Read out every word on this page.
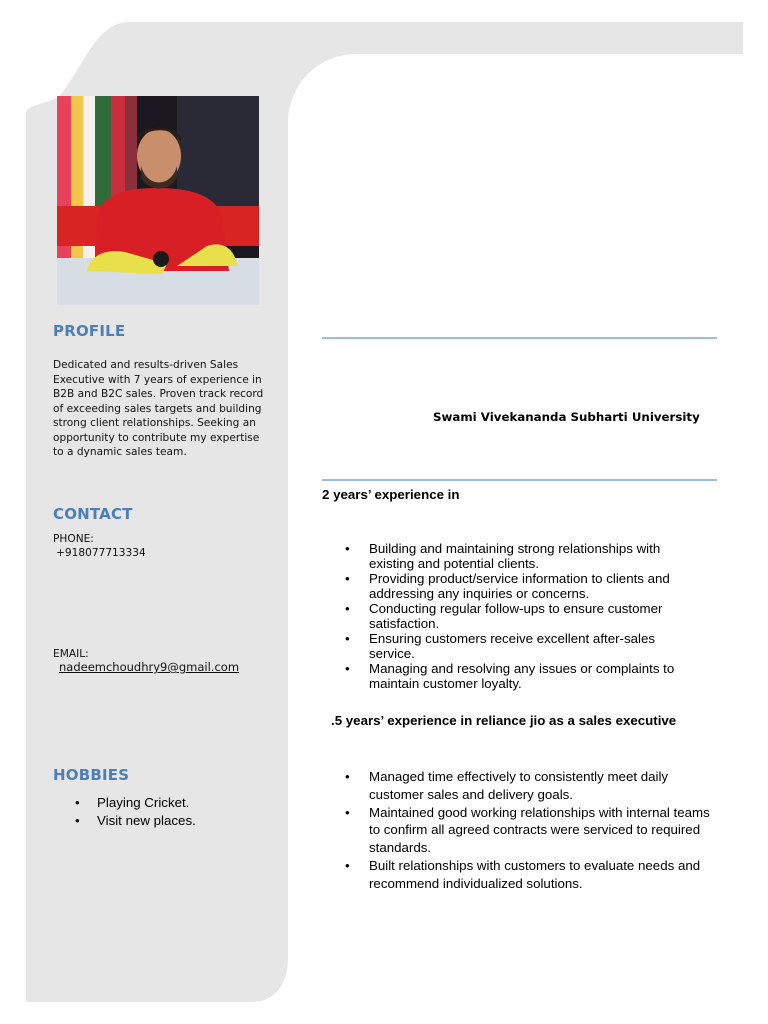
PROFILE
Dedicated and results-driven Sales Executive with 7 years of experience in B2B and B2C sales. Proven track record of exceeding sales targets and building strong client relationships. Seeking an opportunity to contribute my expertise to a dynamic sales team.
CONTACT
PHONE:
+918077713334
EMAIL:
nadeemchoudhry9@gmail.com
HOBBIES
• Playing Cricket.
• Visit new places.
Swami Vivekananda Subharti University
2 years’ experience in
• Building and maintaining strong relationships with existing and potential clients.
• Providing product/service information to clients and addressing any inquiries or concerns.
• Conducting regular follow-ups to ensure customer satisfaction.
• Ensuring customers receive excellent after-sales service.
• Managing and resolving any issues or complaints to maintain customer loyalty.
.5 years’ experience in reliance jio as a sales executive
• Managed time effectively to consistently meet daily customer sales and delivery goals.
• Maintained good working relationships with internal teams to confirm all agreed contracts were serviced to required standards.
• Built relationships with customers to evaluate needs and recommend individualized solutions.
